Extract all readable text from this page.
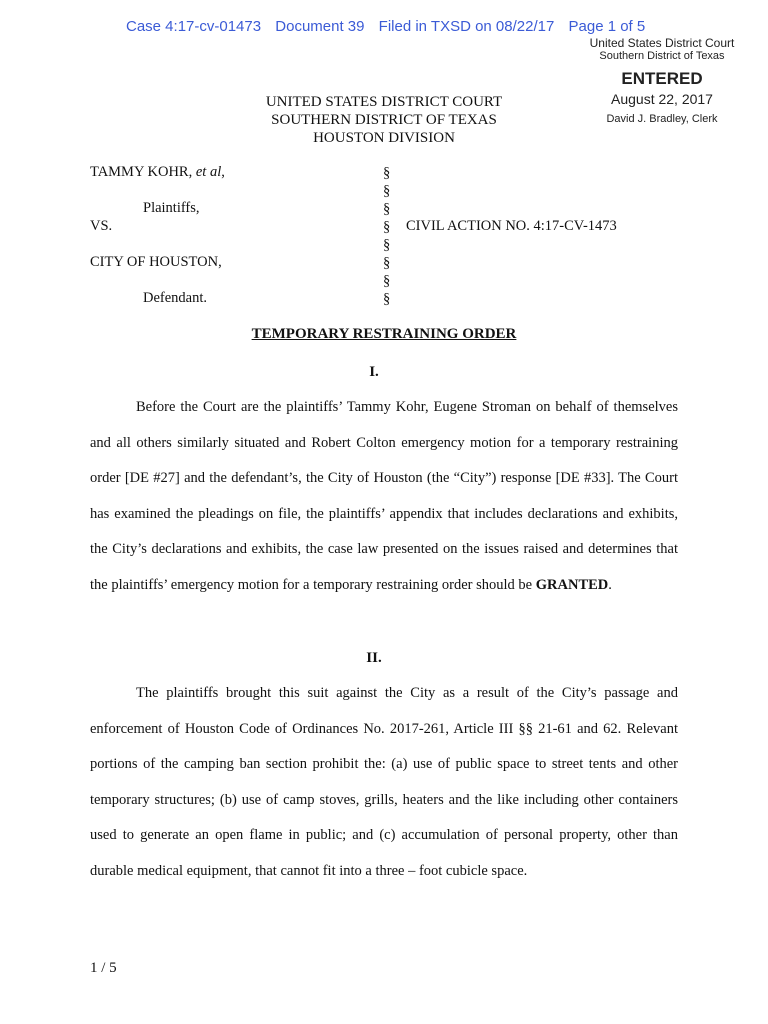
Case 4:17-cv-01473 Document 39 Filed in TXSD on 08/22/17 Page 1 of 5
United States District Court
Southern District of Texas
ENTERED
August 22, 2017
David J. Bradley, Clerk
UNITED STATES DISTRICT COURT
SOUTHERN DISTRICT OF TEXAS
HOUSTON DIVISION
TAMMY KOHR, et al,
Plaintiffs,
VS.
CITY OF HOUSTON,
Defendant.
§
§
§
§
§
§
§
§
CIVIL ACTION NO. 4:17-CV-1473
TEMPORARY RESTRAINING ORDER
I.
Before the Court are the plaintiffs’ Tammy Kohr, Eugene Stroman on behalf of themselves and all others similarly situated and Robert Colton emergency motion for a temporary restraining order [DE #27] and the defendant’s, the City of Houston (the “City”) response [DE #33]. The Court has examined the pleadings on file, the plaintiffs’ appendix that includes declarations and exhibits, the City’s declarations and exhibits, the case law presented on the issues raised and determines that the plaintiffs’ emergency motion for a temporary restraining order should be GRANTED.
II.
The plaintiffs brought this suit against the City as a result of the City’s passage and enforcement of Houston Code of Ordinances No. 2017-261, Article III §§ 21-61 and 62. Relevant portions of the camping ban section prohibit the: (a) use of public space to street tents and other temporary structures; (b) use of camp stoves, grills, heaters and the like including other containers used to generate an open flame in public; and (c) accumulation of personal property, other than durable medical equipment, that cannot fit into a three – foot cubicle space.
1 / 5
